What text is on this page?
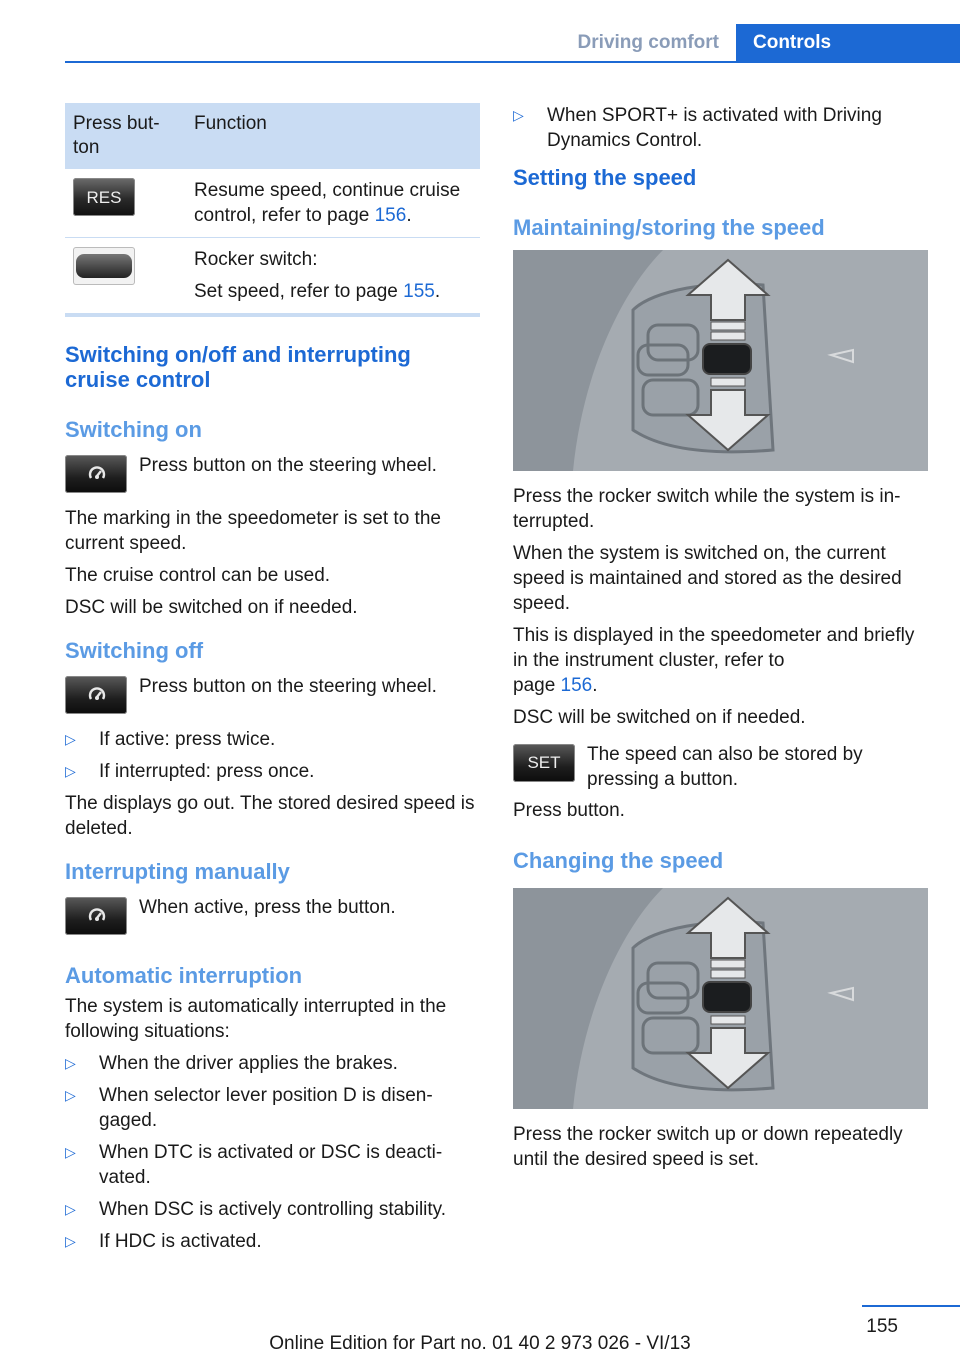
Driving comfort	Controls
Press but-
ton	Function

RES	Resume speed, continue cruise control, refer to page 156.

	Rocker switch:
Set speed, refer to page 155.
Switching on/off and interrupting cruise control
Switching on
Press button on the steering wheel.
The marking in the speedometer is set to the current speed.
The cruise control can be used.
DSC will be switched on if needed.
Switching off
Press button on the steering wheel.
▷	If active: press twice.
▷	If interrupted: press once.
The displays go out. The stored desired speed is deleted.
Interrupting manually
When active, press the button.
Automatic interruption
The system is automatically interrupted in the following situations:
▷	When the driver applies the brakes.
▷	When selector lever position D is disen-
gaged.
▷	When DTC is activated or DSC is deacti-
vated.
▷	When DSC is actively controlling stability.
▷	If HDC is activated.
▷	When SPORT+ is activated with Driving Dynamics Control.
Setting the speed
Maintaining/storing the speed
Press the rocker switch while the system is in-
terrupted.
When the system is switched on, the current speed is maintained and stored as the desired speed.
This is displayed in the speedometer and briefly in the instrument cluster, refer to
page 156.
DSC will be switched on if needed.
SET	The speed can also be stored by pressing a button.
Press button.
Changing the speed
Press the rocker switch up or down repeatedly until the desired speed is set.
155
Online Edition for Part no. 01 40 2 973 026 - VI/13
